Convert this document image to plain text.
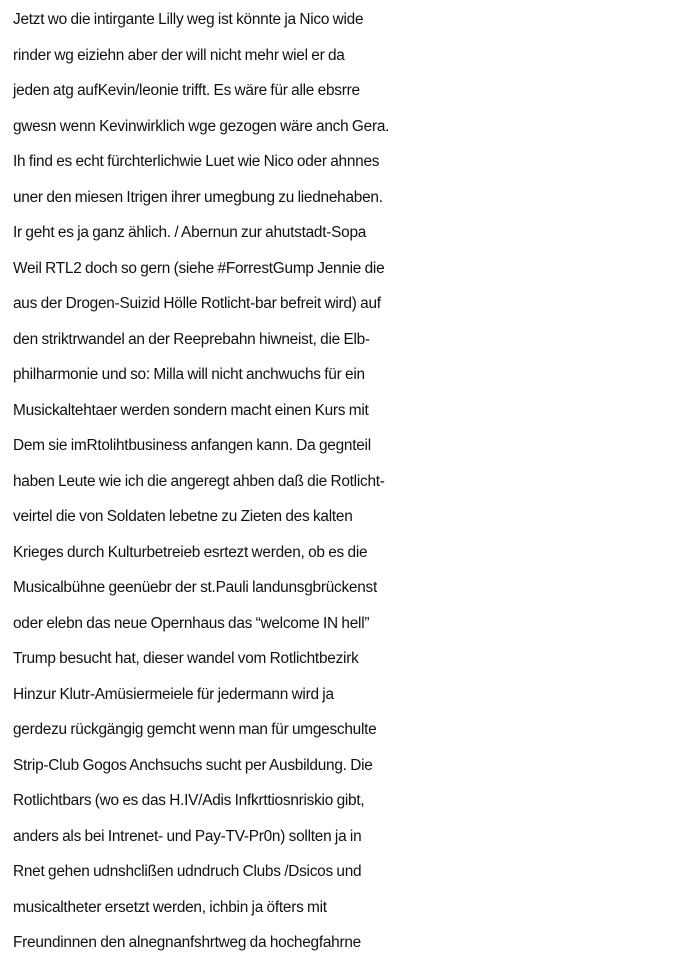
Jetzt wo die intirgante Lilly weg ist könnte ja Nico wide
rinder wg eiziehn aber der will nicht mehr wiel er da
jeden atg aufKevin/leonie trifft. Es wäre für alle ebsrre
gwesn wenn Kevinwirklich wge gezogen wäre anch Gera.
Ih find es echt fürchterlichwie Luet wie Nico oder ahnnes
uner den miesen Itrigen ihrer umegbung zu liednehaben.
Ir geht es ja ganz ählich. / Abernun zur ahutstadt-Sopa
Weil RTL2 doch so gern (siehe #ForrestGump Jennie die
aus der Drogen-Suizid Hölle Rotlicht-bar befreit wird) auf
den striktrwandel an der Reeprebahn hiwneist, die Elb-
philharmonie und so: Milla will nicht anchwuchs für ein
Musickaltehtaer werden sondern macht einen Kurs mit
Dem sie imRtolihtbusiness anfangen kann. Da gegnteil
haben Leute wie ich die angeregt ahben daß die Rotlicht-
veirtel die von Soldaten lebetne zu Zieten des kalten
Krieges durch Kulturbetreieb esrtezt werden, ob es die
Musicalbühne geenüebr der st.Pauli landunsgbrückenst
oder elebn das neue Opernhaus das “welcome IN hell”
Trump besucht hat, dieser wandel vom Rotlichtbezirk
Hinzur Klutr-Amüsiermeiele für jedermann wird ja
gerdezu rückgängig gemcht wenn man für umgeschulte
Strip-Club Gogos Anchsuchs sucht per Ausbildung. Die
Rotlichtbars (wo es das H.IV/Adis Infkrttiosnriskio gibt,
anders als bei Intrenet- und Pay-TV-Pr0n) sollten ja in
Rnet gehen udnshclißen udndruch Clubs /Dsicos und
musicaltheter ersetzt werden, ichbin ja öfters mit
Freundinnen den alnegnanfshrtweg da hochegfahrne
